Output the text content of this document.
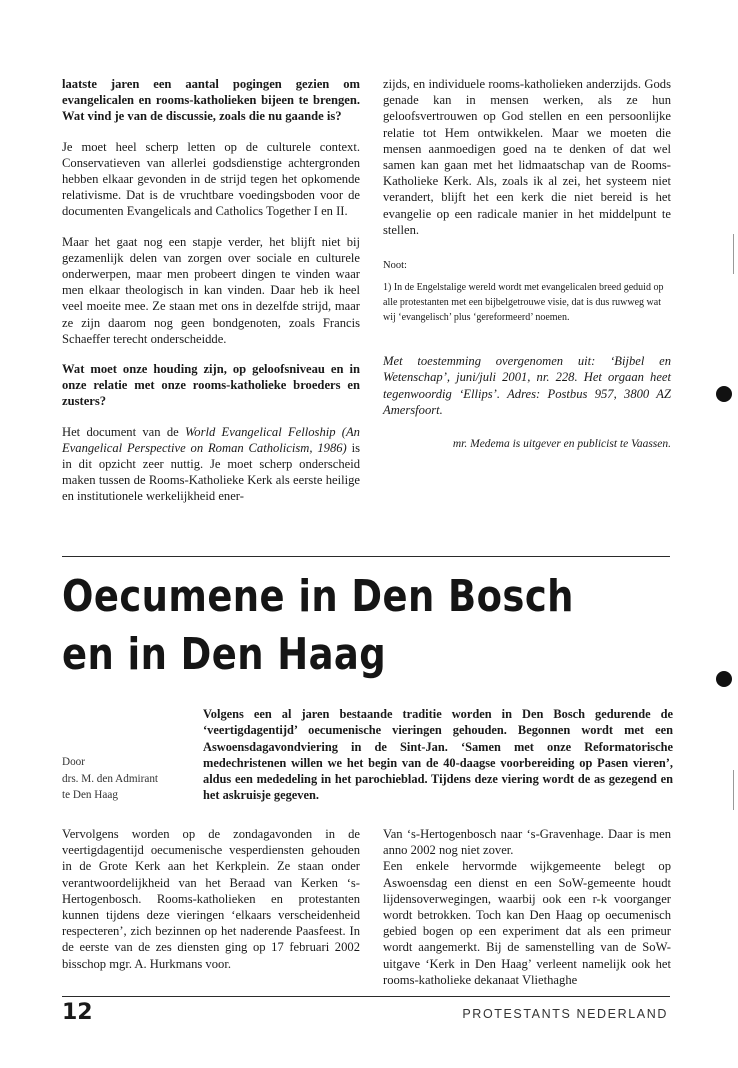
laatste jaren een aantal pogingen gezien om evangelicalen en rooms-katholieken bijeen te brengen. Wat vind je van de discussie, zoals die nu gaande is?

Je moet heel scherp letten op de culturele context. Conservatieven van allerlei godsdienstige achtergronden hebben elkaar gevonden in de strijd tegen het opkomende relativisme. Dat is de vruchtbare voedingsboden voor de documenten Evangelicals and Catholics Together I en II.

Maar het gaat nog een stapje verder, het blijft niet bij gezamenlijk delen van zorgen over sociale en culturele onderwerpen, maar men probeert dingen te vinden waar men elkaar theologisch in kan vinden. Daar heb ik heel veel moeite mee. Ze staan met ons in dezelfde strijd, maar ze zijn daarom nog geen bondgenoten, zoals Francis Schaeffer terecht onderscheidde.

Wat moet onze houding zijn, op geloofsniveau en in onze relatie met onze rooms-katholieke broeders en zusters?

Het document van de World Evangelical Felloship (An Evangelical Perspective on Roman Catholicism, 1986) is in dit opzicht zeer nuttig. Je moet scherp onderscheid maken tussen de Rooms-Katholieke Kerk als eerste heilige en institutionele werkelijkheid ener-

zijds, en individuele rooms-katholieken anderzijds. Gods genade kan in mensen werken, als ze hun geloofsvertrouwen op God stellen en een persoonlijke relatie tot Hem ontwikkelen. Maar we moeten die mensen aanmoedigen goed na te denken of dat wel samen kan gaan met het lidmaatschap van de Rooms-Katholieke Kerk. Als, zoals ik al zei, het systeem niet verandert, blijft het een kerk die niet bereid is het evangelie op een radicale manier in het middelpunt te stellen.

Noot:

1) In de Engelstalige wereld wordt met evangelicalen breed geduid op alle protestanten met een bijbelgetrouwe visie, dat is dus ruwweg wat wij ‘evangelisch’ plus ‘gereformeerd’ noemen.

Met toestemming overgenomen uit: ‘Bijbel en Wetenschap’, juni/juli 2001, nr. 228. Het orgaan heet tegenwoordig ‘Ellips’. Adres: Postbus 957, 3800 AZ Amersfoort.
mr. Medema is uitgever en publicist te Vaassen.
Oecumene in Den Bosch en in Den Haag
Door
drs. M. den Admirant
te Den Haag
Volgens een al jaren bestaande traditie worden in Den Bosch gedurende de ‘veertigdagentijd’ oecumenische vieringen gehouden. Begonnen wordt met een Aswoensdagavondviering in de Sint-Jan. ‘Samen met onze Reformatorische medechristenen willen we het begin van de 40-daagse voorbereiding op Pasen vieren’, aldus een mededeling in het parochieblad. Tijdens deze viering wordt de as gezegend en het askruisje gegeven.

Vervolgens worden op de zondagavonden in de veertigdagentijd oecumenische vesperdiensten gehouden in de Grote Kerk aan het Kerkplein. Ze staan onder verantwoordelijkheid van het Beraad van Kerken ‘s-Hertogenbosch. Rooms-katholieken en protestanten kunnen tijdens deze vieringen ‘elkaars verscheidenheid respecteren’, zich bezinnen op het naderende Paasfeest. In de eerste van de zes diensten ging op 17 februari 2002 bisschop mgr. A. Hurkmans voor.

Van ‘s-Hertogenbosch naar ‘s-Gravenhage. Daar is men anno 2002 nog niet zover.

Een enkele hervormde wijkgemeente belegt op Aswoensdag een dienst en een SoW-gemeente houdt lijdensoverwegingen, waarbij ook een r-k voorganger wordt betrokken. Toch kan Den Haag op oecumenisch gebied bogen op een experiment dat als een primeur wordt aangemerkt. Bij de samenstelling van de SoW-uitgave ‘Kerk in Den Haag’ verleent namelijk ook het rooms-katholieke dekanaat Vliethaghe

12	PROTESTANTS NEDERLAND
